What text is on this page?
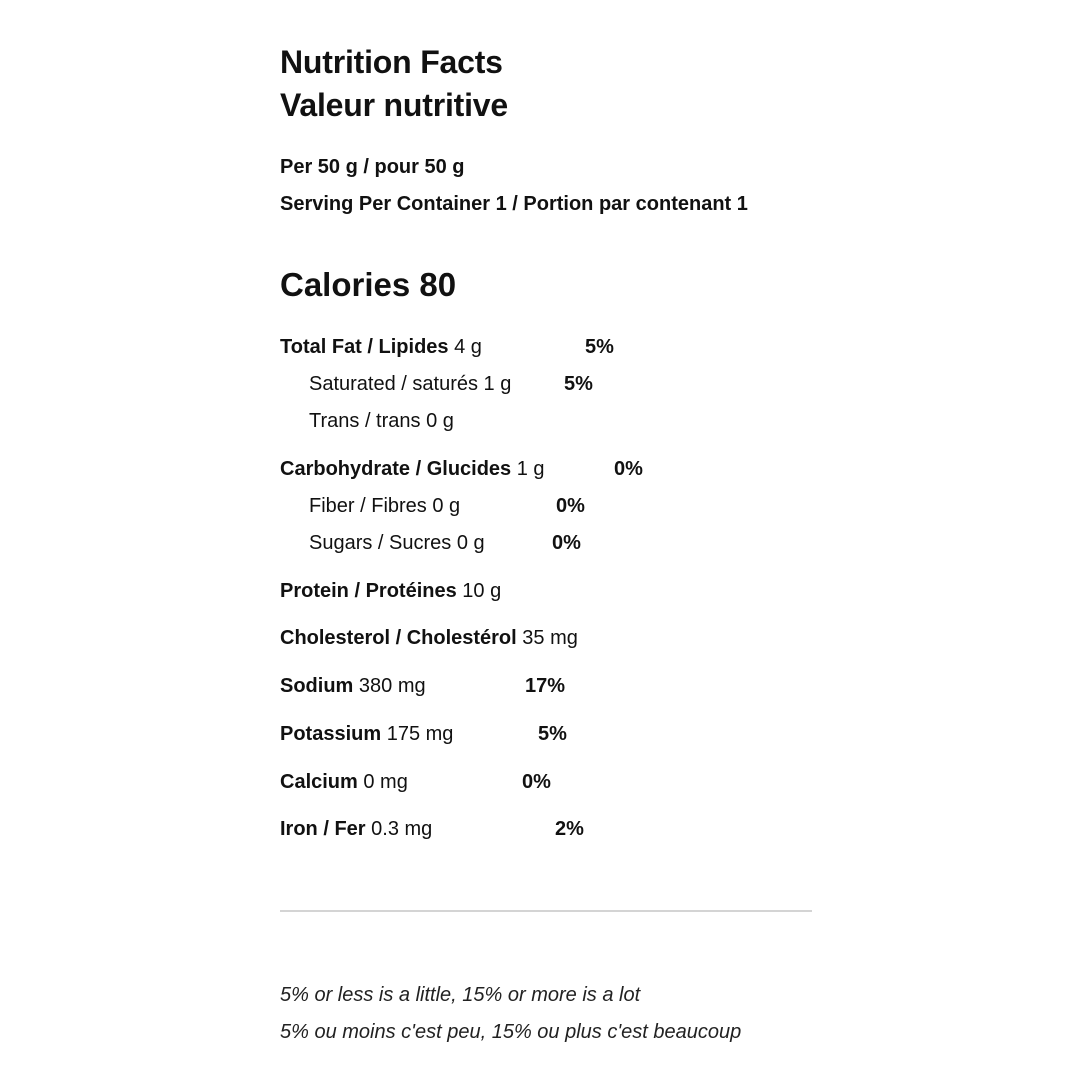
Nutrition Facts
Valeur nutritive
Per 50 g / pour 50 g
Serving Per Container 1 / Portion par contenant 1
Calories 80
Total Fat / Lipides 4 g	5%
Saturated / saturés 1 g	5%
Trans / trans 0 g
Carbohydrate / Glucides 1 g	0%
Fiber / Fibres 0 g	0%
Sugars / Sucres 0 g	0%
Protein / Protéines 10 g
Cholesterol / Cholestérol 35 mg
Sodium 380 mg	17%
Potassium 175 mg	5%
Calcium 0 mg	0%
Iron / Fer 0.3 mg	2%
5% or less is a little, 15% or more is a lot
5% ou moins c'est peu, 15% ou plus c'est beaucoup
